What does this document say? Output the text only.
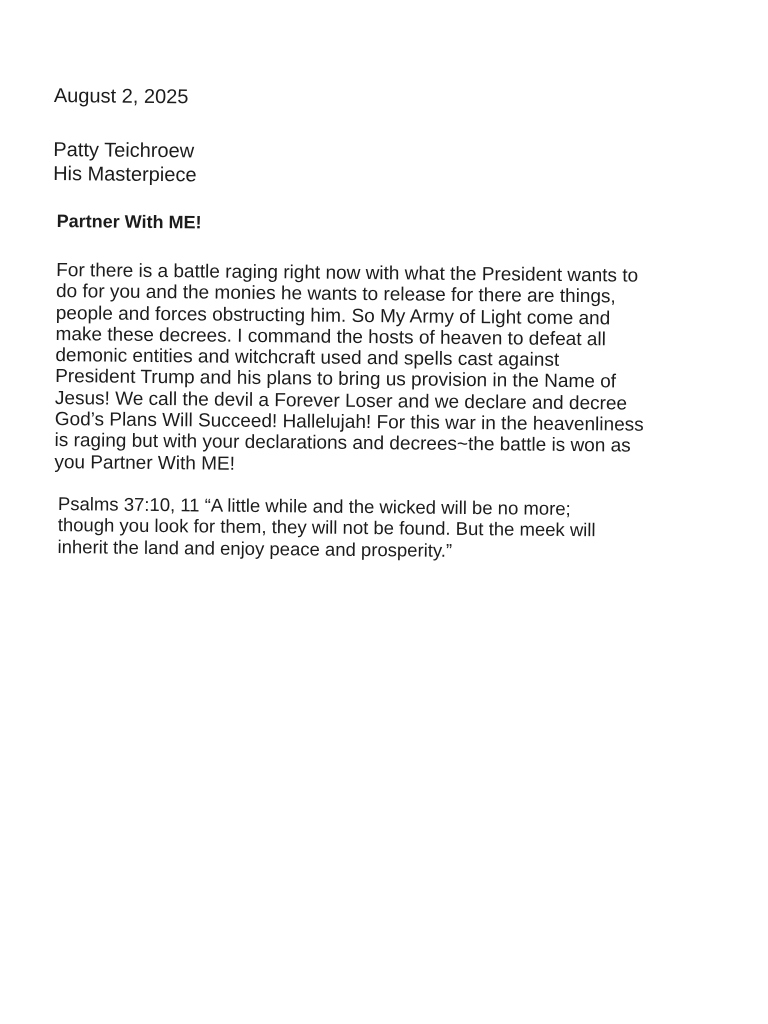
August 2, 2025
Patty Teichroew
His Masterpiece
Partner With ME!
For there is a battle raging right now with what the President wants to
do for you and the monies he wants to release for there are things,
people and forces obstructing him. So My Army of Light come and
make these decrees. I command the hosts of heaven to defeat all
demonic entities and witchcraft used and spells cast against
President Trump and his plans to bring us provision in the Name of
Jesus! We call the devil a Forever Loser and we declare and decree
God’s Plans Will Succeed! Hallelujah! For this war in the heavenliness
is raging but with your declarations and decrees~the battle is won as
you Partner With ME!
Psalms 37:10, 11 “A little while and the wicked will be no more;
though you look for them, they will not be found. But the meek will
inherit the land and enjoy peace and prosperity.”
